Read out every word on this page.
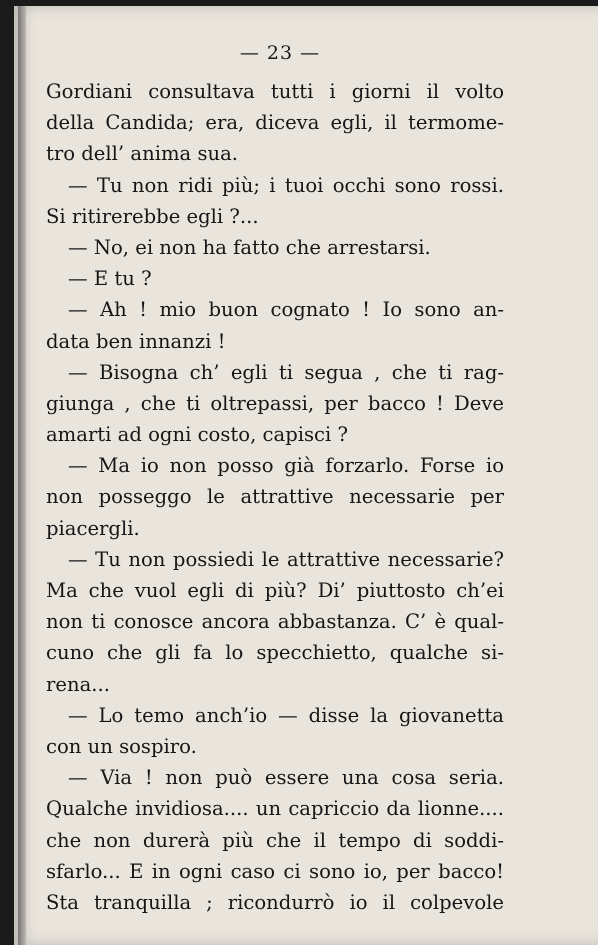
— 23 —
Gordiani consultava tutti i giorni il volto
della Candida; era, diceva egli, il termome-
tro dell’ anima sua.
— Tu non ridi più; i tuoi occhi sono rossi.
Si ritirerebbe egli ?...
— No, ei non ha fatto che arrestarsi.
— E tu ?
— Ah ! mio buon cognato ! Io sono an-
data ben innanzi !
— Bisogna ch’ egli ti segua , che ti rag-
giunga , che ti oltrepassi, per bacco ! Deve
amarti ad ogni costo, capisci ?
— Ma io non posso già forzarlo. Forse io
non posseggo le attrattive necessarie per
piacergli.
— Tu non possiedi le attrattive necessarie?
Ma che vuol egli di più? Di’ piuttosto ch’ei
non ti conosce ancora abbastanza. C’ è qual-
cuno che gli fa lo specchietto, qualche si-
rena...
— Lo temo anch’io — disse la giovanetta
con un sospiro.
— Via ! non può essere una cosa seria.
Qualche invidiosa.... un capriccio da lionne....
che non durerà più che il tempo di soddi-
sfarlo... E in ogni caso ci sono io, per bacco!
Sta tranquilla ; ricondurrò io il colpevole
